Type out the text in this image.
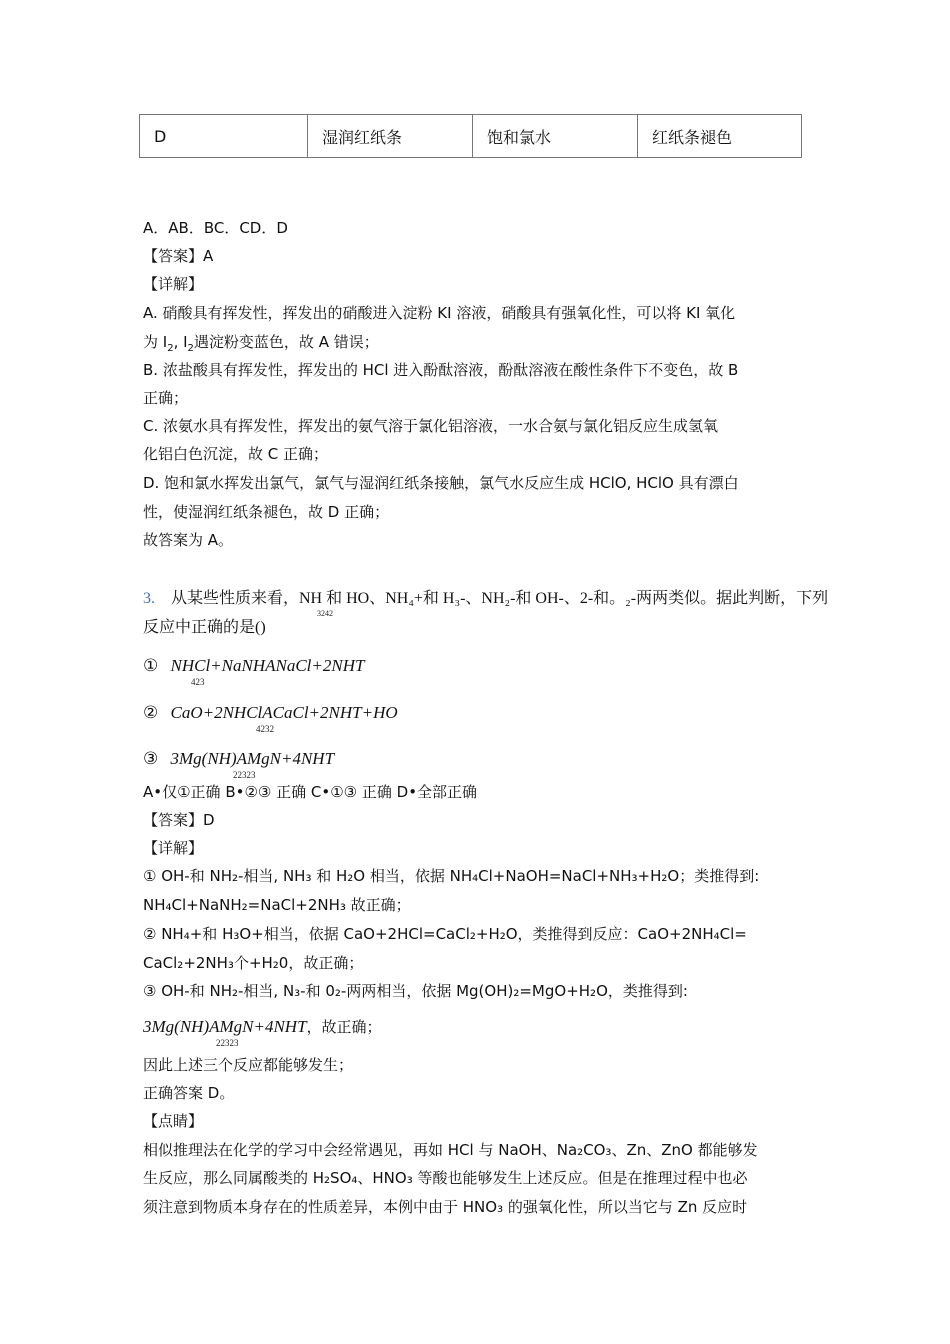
D	湿润红纸条	饱和氯水	红纸条褪色
A．AB．BC．CD．D
【答案】A
【详解】
A. 硝酸具有挥发性，挥发出的硝酸进入淀粉 KI 溶液，硝酸具有强氧化性，可以将 KI 氧化
为 $I_2$, $I_2$遇淀粉变蓝色，故 A 错误；
B. 浓盐酸具有挥发性，挥发出的 HCl 进入酚酞溶液，酚酞溶液在酸性条件下不变色，故 B
正确；
C. 浓氨水具有挥发性，挥发出的氨气溶于氯化铝溶液，一水合氨与氯化铝反应生成氢氧
化铝白色沉淀，故 C 正确；
D. 饱和氯水挥发出氯气，氯气与湿润红纸条接触，氯气水反应生成 HClO, HClO 具有漂白
性，使湿润红纸条褪色，故 D 正确；
故答案为 A。
3. 从某些性质来看，NH 和 HO、NH₄+和 H₃-、NH₂-和 OH-、2-和。₂-两两类似。据此判断，下列
3242
反应中正确的是()
① NHCl+NaNHΑNaCl+2NHT
423
② CaO+2NHClΑCaCl+2NHT+HO
4232
③ 3Mg(NH)ΑMgN+4NHT
22323
A•仅①正确 B•②③ 正确 C•①③ 正确 D•全部正确
【答案】D
【详解】
① OH-和 NH₂-相当, NH₃ 和 H₂O 相当，依据 NH₄Cl+NaOH=NaCl+NH₃+H₂O；类推得到:
NH₄Cl+NaNH₂=NaCl+2NH₃ 故正确；
② NH₄+和 H₃O+相当，依据 CaO+2HCl=CaCl₂+H₂O，类推得到反应：CaO+2NH₄Cl=
CaCl₂+2NH₃个+H₂0，故正确；
③ OH-和 NH₂-相当, N₃-和 0₂-两两相当，依据 Mg(OH)₂=MgO+H₂O，类推得到:
3Mg(NH)ΑMgN+4NHT，故正确；
22323
因此上述三个反应都能够发生；
正确答案 D。
【点睛】
相似推理法在化学的学习中会经常遇见，再如 HCl 与 NaOH、Na₂CO₃、Zn、ZnO 都能够发
生反应，那么同属酸类的 H₂SO₄、HNO₃ 等酸也能够发生上述反应。但是在推理过程中也必
须注意到物质本身存在的性质差异，本例中由于 HNO₃ 的强氧化性，所以当它与 Zn 反应时
